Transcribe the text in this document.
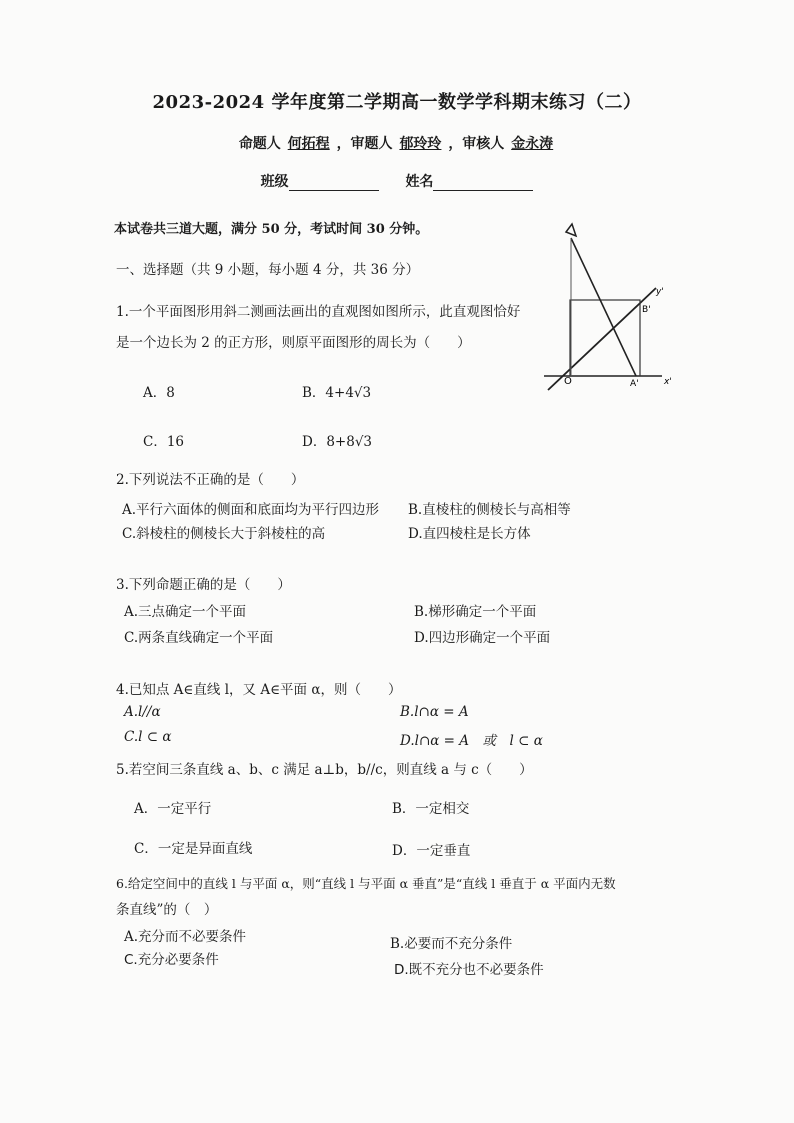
2023-2024 学年度第二学期高一数学学科期末练习（二）
命题人 何拓程 ，审题人 郁玲玲 ，审核人 金永涛
班级	姓名
本试卷共三道大题，满分 50 分，考试时间 30 分钟。
一、选择题（共 9 小题，每小题 4 分，共 36 分）
y'
x'
O	A'
B'
1.一个平面图形用斜二测画法画出的直观图如图所示，此直观图恰好
是一个边长为 2 的正方形，则原平面图形的周长为（　　）
A．8	B．4+4√3
C．16	D．8+8√3
2.下列说法不正确的是（　　）
A.平行六面体的侧面和底面均为平行四边形 B.直棱柱的侧棱长与高相等
C.斜棱柱的侧棱长大于斜棱柱的高	D.直四棱柱是长方体
3.下列命题正确的是（　　）
A.三点确定一个平面	B.梯形确定一个平面
C.两条直线确定一个平面	D.四边形确定一个平面
4.已知点 A∈直线 l，又 A∈平面 α，则（　　）
A.l//α	B.l∩α = A
C.l ⊂ α	D.l∩α = A　或　l ⊂ α
5.若空间三条直线 a、b、c 满足 a⊥b，b//c，则直线 a 与 c（　　）
A．一定平行	B．一定相交
C．一定是异面直线	D．一定垂直
6.给定空间中的直线 l 与平面 α，则“直线 l 与平面 α 垂直”是“直线 l 垂直于 α 平面内无数
条直线”的（　）
A.充分而不必要条件	B.必要而不充分条件
C.充分必要条件
D.既不充分也不必要条件
